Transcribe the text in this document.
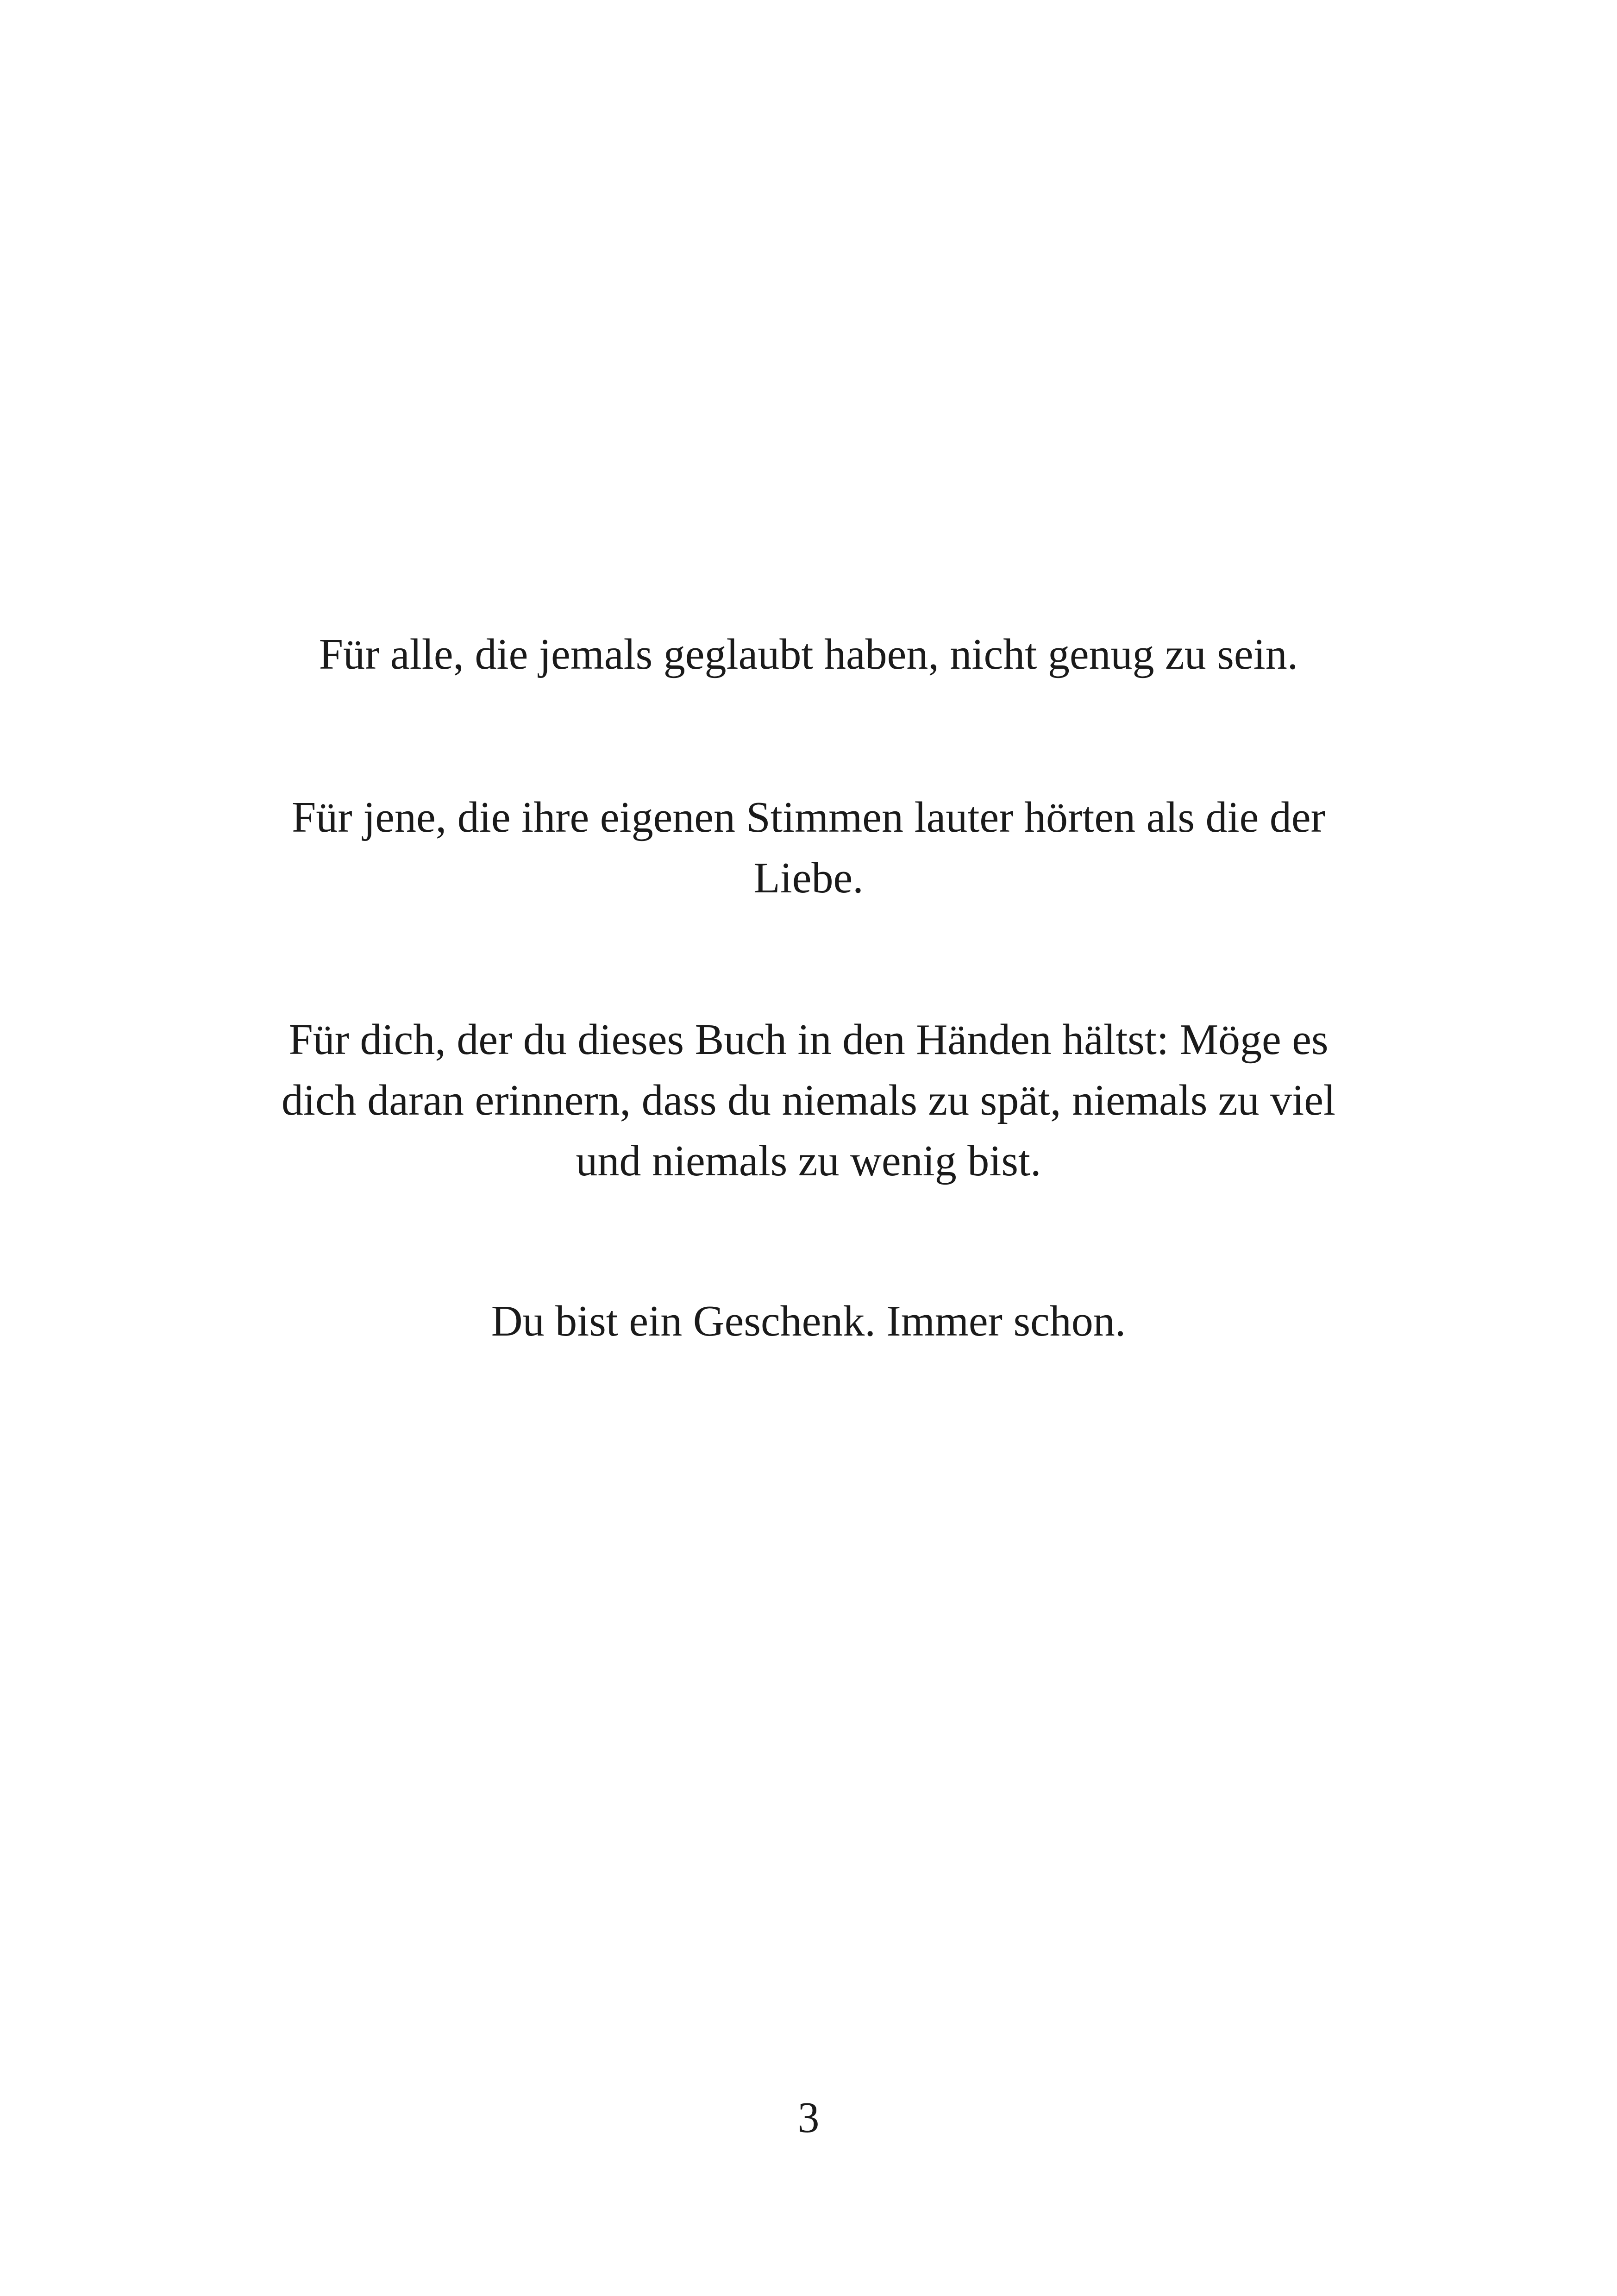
Für alle, die jemals geglaubt haben, nicht genug zu sein.

Für jene, die ihre eigenen Stimmen lauter hörten als die der Liebe.

Für dich, der du dieses Buch in den Händen hältst: Möge es dich daran erinnern, dass du niemals zu spät, niemals zu viel und niemals zu wenig bist.

Du bist ein Geschenk. Immer schon.

3
